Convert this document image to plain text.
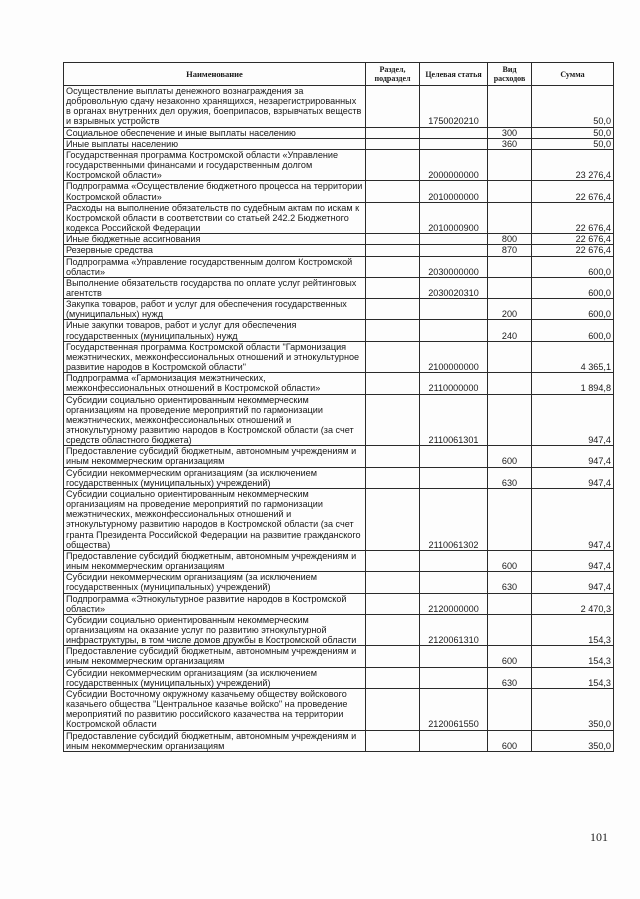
Наименование	Раздел, подраздел	Целевая статья	Вид расходов	Сумма
Осуществление выплаты денежного вознаграждения за добровольную сдачу незаконно хранящихся, незарегистрированных в органах внутренних дел оружия, боеприпасов, взрывчатых веществ и взрывных устройств		1750020210		50,0
Социальное обеспечение и иные выплаты населению			300	50,0
Иные выплаты населению			360	50,0
Государственная программа Костромской области «Управление государственными финансами и государственным долгом Костромской области»		2000000000		23 276,4
Подпрограмма «Осуществление бюджетного процесса на территории Костромской области»		2010000000		22 676,4
Расходы на выполнение обязательств по судебным актам по искам к Костромской области в соответствии со статьей 242.2 Бюджетного кодекса Российской Федерации		2010000900		22 676,4
Иные бюджетные ассигнования			800	22 676,4
Резервные средства			870	22 676,4
Подпрограмма «Управление государственным долгом Костромской области»		2030000000		600,0
Выполнение обязательств государства по оплате услуг рейтинговых агентств		2030020310		600,0
Закупка товаров, работ и услуг для обеспечения государственных (муниципальных) нужд			200	600,0
Иные закупки товаров, работ и услуг для обеспечения государственных (муниципальных) нужд			240	600,0
Государственная программа Костромской области "Гармонизация межэтнических, межконфессиональных отношений и этнокультурное развитие народов в Костромской области"		2100000000		4 365,1
Подпрограмма «Гармонизация межэтнических, межконфессиональных отношений в Костромской области»		2110000000		1 894,8
Субсидии социально ориентированным некоммерческим организациям на проведение мероприятий по гармонизации межэтнических, межконфессиональных отношений и этнокультурному развитию народов в Костромской области (за счет средств областного бюджета)		2110061301		947,4
Предоставление субсидий бюджетным, автономным учреждениям и иным некоммерческим организациям			600	947,4
Субсидии некоммерческим организациям (за исключением государственных (муниципальных) учреждений)			630	947,4
Субсидии социально ориентированным некоммерческим организациям на проведение мероприятий по гармонизации межэтнических, межконфессиональных отношений и этнокультурному развитию народов в Костромской области (за счет гранта Президента Российской Федерации на развитие гражданского общества)		2110061302		947,4
Предоставление субсидий бюджетным, автономным учреждениям и иным некоммерческим организациям			600	947,4
Субсидии некоммерческим организациям (за исключением государственных (муниципальных) учреждений)			630	947,4
Подпрограмма «Этнокультурное развитие народов в Костромской области»		2120000000		2 470,3
Субсидии социально ориентированным некоммерческим организациям на оказание услуг по развитию этнокультурной инфраструктуры, в том числе домов дружбы в Костромской области		2120061310		154,3
Предоставление субсидий бюджетным, автономным учреждениям и иным некоммерческим организациям			600	154,3
Субсидии некоммерческим организациям (за исключением государственных (муниципальных) учреждений)			630	154,3
Субсидии Восточному окружному казачьему обществу войскового казачьего общества "Центральное казачье войско" на проведение мероприятий по развитию российского казачества на территории Костромской области		2120061550		350,0
Предоставление субсидий бюджетным, автономным учреждениям и иным некоммерческим организациям			600	350,0
101
